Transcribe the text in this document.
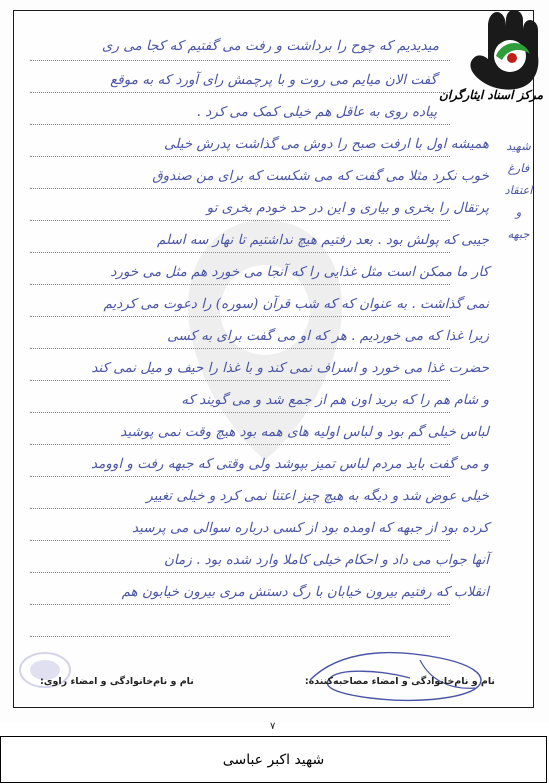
مرکز اسناد ایثارگران
میدیدیم که چوح را برداشت و رفت می گفتیم که کجا می ری
گفت الان میایم می روت و با پرچمش رای آورد که به موقع
پیاده روی به عاقل هم خیلی کمک می کرد .
همیشه اول با ارفت صبح را دوش می گذاشت پدرش خیلی
خوب نکرد مثلا می گفت که می شکست که برای من صندوق
پرتقال را بخری و بیاری و این در حد خودم بخری تو
جیبی که پولش بود . بعد رفتیم هیچ نداشتیم تا نهار سه اسلم
کار ما ممکن است مثل غذایی را که آنجا می خورد هم مثل می خورد
نمی گذاشت . به عنوان که که شب قرآن (سوره) را دعوت می کردیم
زیرا غذا که می خوردیم . هر که او می گفت برای به کسی
حضرت غذا می خورد و اسراف نمی کند و با غذا را حیف و میل نمی کند
و شام هم را که برید اون هم از جمع شد و می گویند که
لباس خیلی گم بود و لباس اولیه های همه بود هیچ وقت نمی پوشید
و می گفت باید مردم لباس تمیز بپوشد ولی وقتی که جبهه رفت و اوومد
خیلی عوض شد و دیگه به هیچ چیز اعتنا نمی کرد و خیلی تغییر
کرده بود از جبهه که اومده بود از کسی درباره سوالی می پرسید
آنها جواب می داد و احکام خیلی کاملا وارد شده بود . زمان
انقلاب که رفتیم بیرون خیابان با رگ دستش مری بیرون خیابون هم
شهید
فارغ
اعتقاد
و
جبهه
نام و نام‌خانوادگی و امضاء مصاحبه‌کننده:
نام و نام‌خانوادگی و امضاء راوی:
۷
شهید اکبر عباسی
